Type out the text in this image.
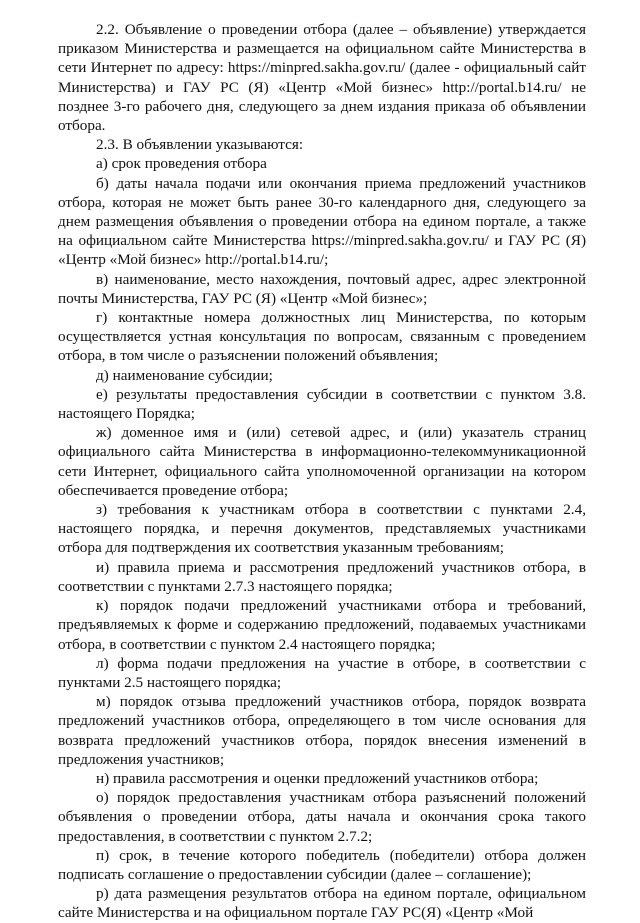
2.2. Объявление о проведении отбора (далее – объявление) утверждается приказом Министерства и размещается на официальном сайте Министерства в сети Интернет по адресу: https://minpred.sakha.gov.ru/ (далее - официальный сайт Министерства) и ГАУ РС (Я) «Центр «Мой бизнес» http://portal.b14.ru/ не позднее 3-го рабочего дня, следующего за днем издания приказа об объявлении отбора.

2.3. В объявлении указываются:

а) срок проведения отбора

б) даты начала подачи или окончания приема предложений участников отбора, которая не может быть ранее 30-го календарного дня, следующего за днем размещения объявления о проведении отбора на едином портале, а также на официальном сайте Министерства https://minpred.sakha.gov.ru/ и ГАУ РС (Я) «Центр «Мой бизнес» http://portal.b14.ru/;

в) наименование, место нахождения, почтовый адрес, адрес электронной почты Министерства, ГАУ РС (Я) «Центр «Мой бизнес»;

г) контактные номера должностных лиц Министерства, по которым осуществляется устная консультация по вопросам, связанным с проведением отбора, в том числе о разъяснении положений объявления;

д) наименование субсидии;

е) результаты предоставления субсидии в соответствии с пунктом 3.8. настоящего Порядка;

ж) доменное имя и (или) сетевой адрес, и (или) указатель страниц официального сайта Министерства в информационно-телекоммуникационной сети Интернет, официального сайта уполномоченной организации на котором обеспечивается проведение отбора;

з) требования к участникам отбора в соответствии с пунктами 2.4, настоящего порядка, и перечня документов, представляемых участниками отбора для подтверждения их соответствия указанным требованиям;

и) правила приема и рассмотрения предложений участников отбора, в соответствии с пунктами 2.7.3 настоящего порядка;

к) порядок подачи предложений участниками отбора и требований, предъявляемых к форме и содержанию предложений, подаваемых участниками отбора, в соответствии с пунктом 2.4 настоящего порядка;

л) форма подачи предложения на участие в отборе, в соответствии с пунктами 2.5 настоящего порядка;

м) порядок отзыва предложений участников отбора, порядок возврата предложений участников отбора, определяющего в том числе основания для возврата предложений участников отбора, порядок внесения изменений в предложения участников;

н) правила рассмотрения и оценки предложений участников отбора;

о) порядок предоставления участникам отбора разъяснений положений объявления о проведении отбора, даты начала и окончания срока такого предоставления, в соответствии с пунктом 2.7.2;

п) срок, в течение которого победитель (победители) отбора должен подписать соглашение о предоставлении субсидии (далее – соглашение);

р) дата размещения результатов отбора на едином портале, официальном сайте Министерства и на официальном портале ГАУ РС(Я) «Центр «Мой
